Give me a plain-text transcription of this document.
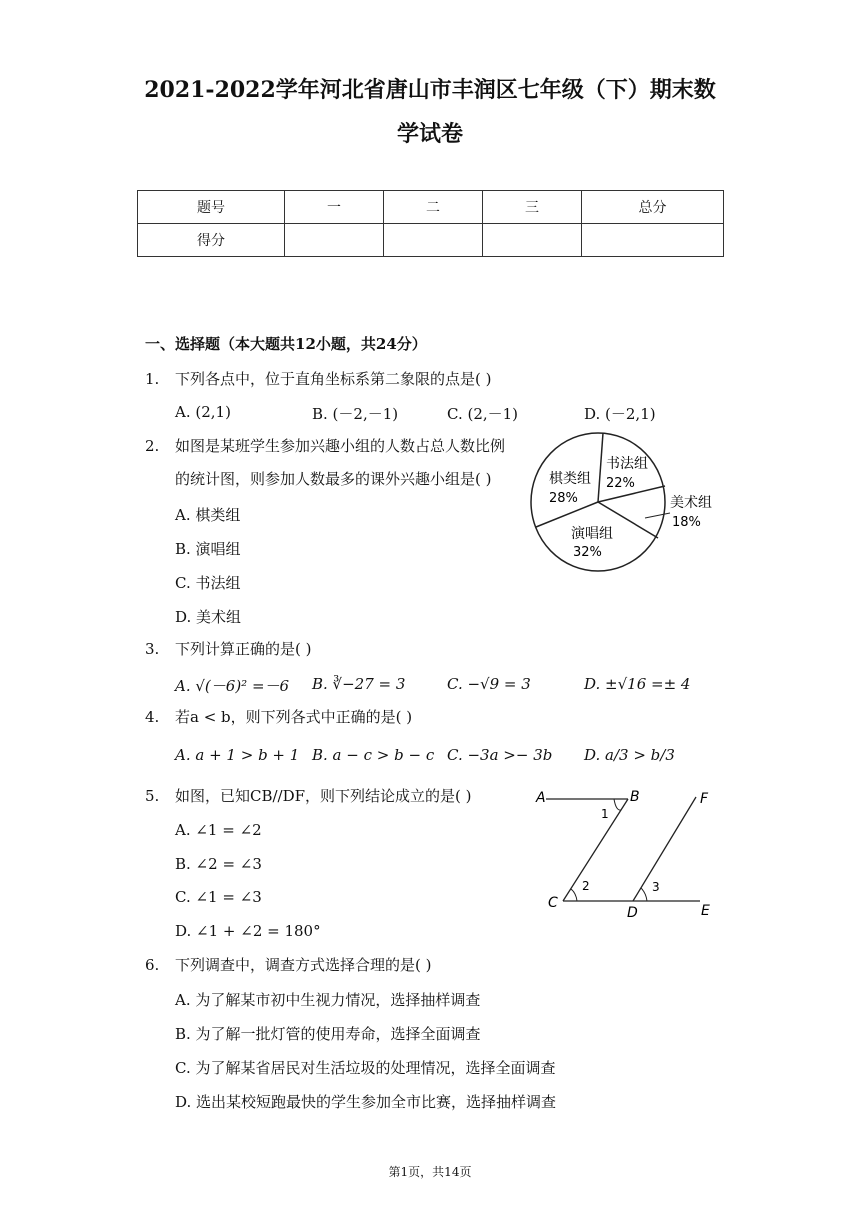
2021-2022学年河北省唐山市丰润区七年级（下）期末数
学试卷
题号	一	二	三	总分
得分				
一、选择题（本大题共12小题，共24分）
1. 下列各点中，位于直角坐标系第二象限的点是( )
A. (2,1)	B. (－2,－1)	C. (2,－1)	D. (－2,1)
2. 如图是某班学生参加兴趣小组的人数占总人数比例
的统计图，则参加人数最多的课外兴趣小组是( )
A. 棋类组
B. 演唱组
C. 书法组
D. 美术组
棋类组
28%
书法组
22%
美术组
18%
演唱组
32%
3. 下列计算正确的是( )
A. √(－6)² =－6 B. ∛−27 = 3	C. −√9 = 3	D. ±√16 =± 4
4. 若a < b，则下列各式中正确的是( )
A. a + 1 > b + 1 B. a − c > b − c C. −3a >− 3b D. a/3 > b/3
5. 如图，已知CB//DF，则下列结论成立的是( )
A. ∠1 = ∠2
B. ∠2 = ∠3
C. ∠1 = ∠3
D. ∠1 + ∠2 = 180°
A	B
C
D	E
F
1
2	3
6. 下列调查中，调查方式选择合理的是( )
A. 为了解某市初中生视力情况，选择抽样调查
B. 为了解一批灯管的使用寿命，选择全面调查
C. 为了解某省居民对生活垃圾的处理情况，选择全面调查
D. 选出某校短跑最快的学生参加全市比赛，选择抽样调查
第1页，共14页
